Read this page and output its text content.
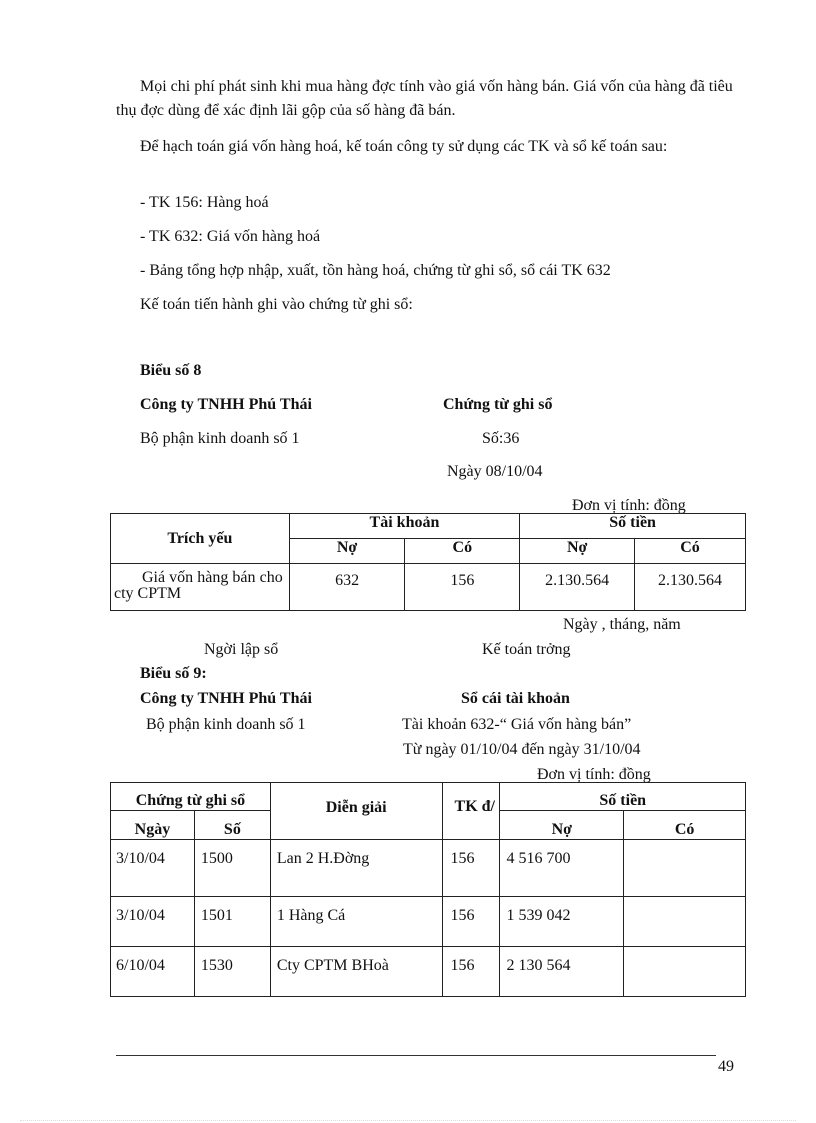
Mọi chi phí phát sinh khi mua hàng đợc tính vào giá vốn hàng bán. Giá vốn của hàng đã tiêu thụ đợc dùng để xác định lãi gộp của số hàng đã bán.
Để hạch toán giá vốn hàng hoá, kế toán công ty sử dụng các TK và sổ kế toán sau:
- TK 156: Hàng hoá
- TK 632: Giá vốn hàng hoá
- Bảng tổng hợp nhập, xuất, tồn hàng hoá, chứng từ ghi sổ, sổ cái TK 632
Kế toán tiến hành ghi vào chứng từ ghi sổ:
Biểu số 8
Công ty TNHH Phú Thái	Chứng từ ghi sổ
Bộ phận kinh doanh số 1	Số:36
Ngày 08/10/04
Đơn vị tính: đồng
Trích yếu	Tài khoản		Số tiền	
	Nợ	Có	Nợ	Có

Giá vốn hàng bán cho cty CPTM	632	156	2.130.564	2.130.564
Ngày , tháng, năm
Ngời lập sổ	Kế toán trởng
Biểu số 9:
Công ty TNHH Phú Thái	Sổ cái tài khoản
Bộ phận kinh doanh số 1	Tài khoản 632-“ Giá vốn hàng bán”
Từ ngày 01/10/04 đến ngày 31/10/04
Đơn vị tính: đồng
Chứng từ ghi sổ		Diễn giải	TK đ/	Số tiền	
Ngày	Số			Nợ	Có
3/10/04	1500	Lan 2 H.Đờng	156	4 516 700	
3/10/04	1501	1 Hàng Cá	156	1 539 042	
6/10/04	1530	Cty CPTM BHoà	156	2 130 564	
49
